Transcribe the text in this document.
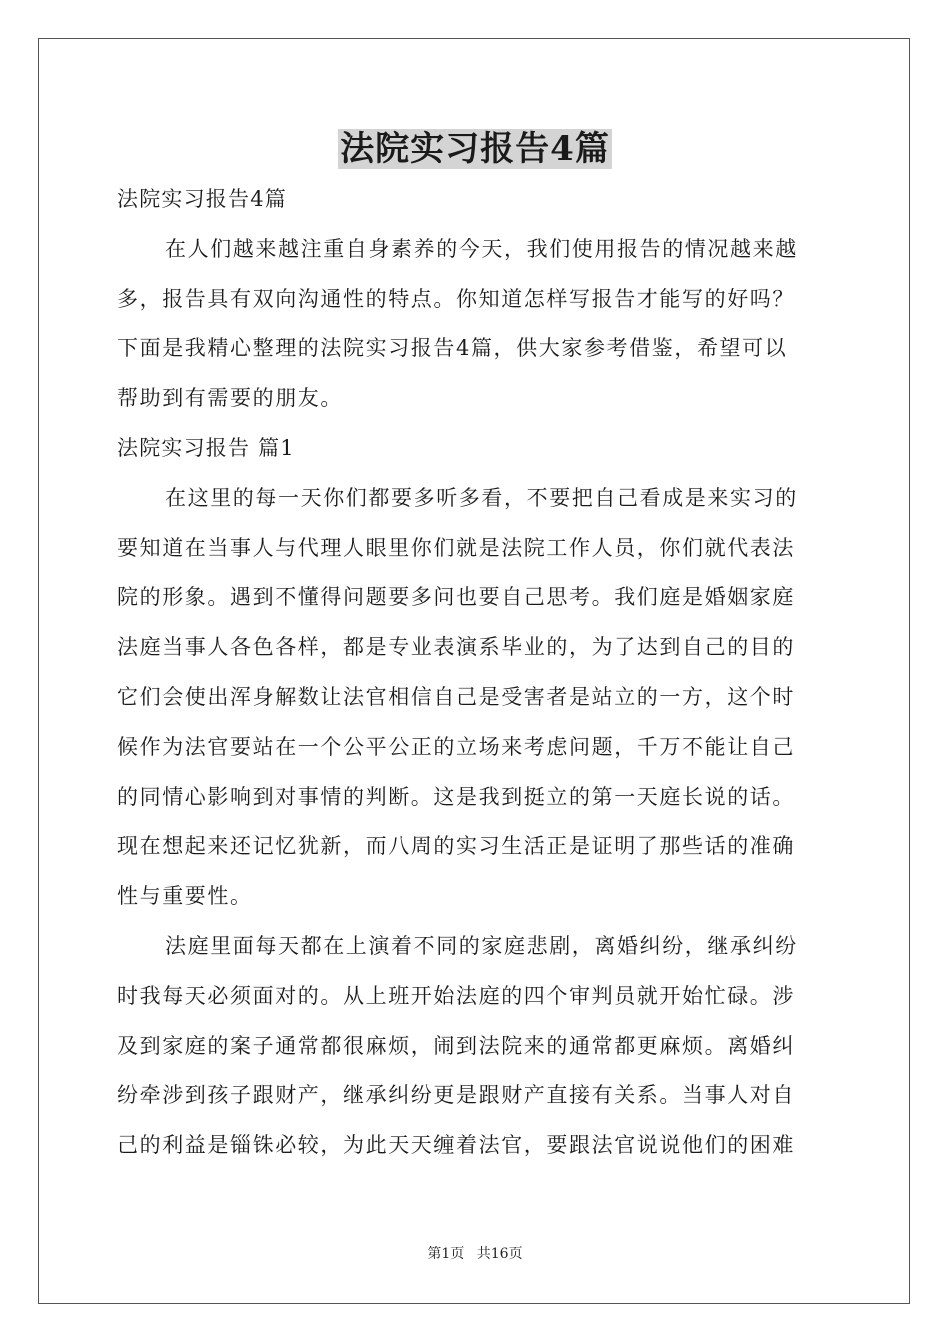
法院实习报告4篇
法院实习报告4篇
在人们越来越注重自身素养的今天，我们使用报告的情况越来越
多，报告具有双向沟通性的特点。你知道怎样写报告才能写的好吗？
下面是我精心整理的法院实习报告4篇，供大家参考借鉴，希望可以
帮助到有需要的朋友。
法院实习报告 篇1
在这里的每一天你们都要多听多看，不要把自己看成是来实习的
要知道在当事人与代理人眼里你们就是法院工作人员，你们就代表法
院的形象。遇到不懂得问题要多问也要自己思考。我们庭是婚姻家庭
法庭当事人各色各样，都是专业表演系毕业的，为了达到自己的目的
它们会使出浑身解数让法官相信自己是受害者是站立的一方，这个时
候作为法官要站在一个公平公正的立场来考虑问题，千万不能让自己
的同情心影响到对事情的判断。这是我到挺立的第一天庭长说的话。
现在想起来还记忆犹新，而八周的实习生活正是证明了那些话的准确
性与重要性。
法庭里面每天都在上演着不同的家庭悲剧，离婚纠纷，继承纠纷
时我每天必须面对的。从上班开始法庭的四个审判员就开始忙碌。涉
及到家庭的案子通常都很麻烦，闹到法院来的通常都更麻烦。离婚纠
纷牵涉到孩子跟财产，继承纠纷更是跟财产直接有关系。当事人对自
己的利益是锱铢必较，为此天天缠着法官，要跟法官说说他们的困难
第1页 共16页
